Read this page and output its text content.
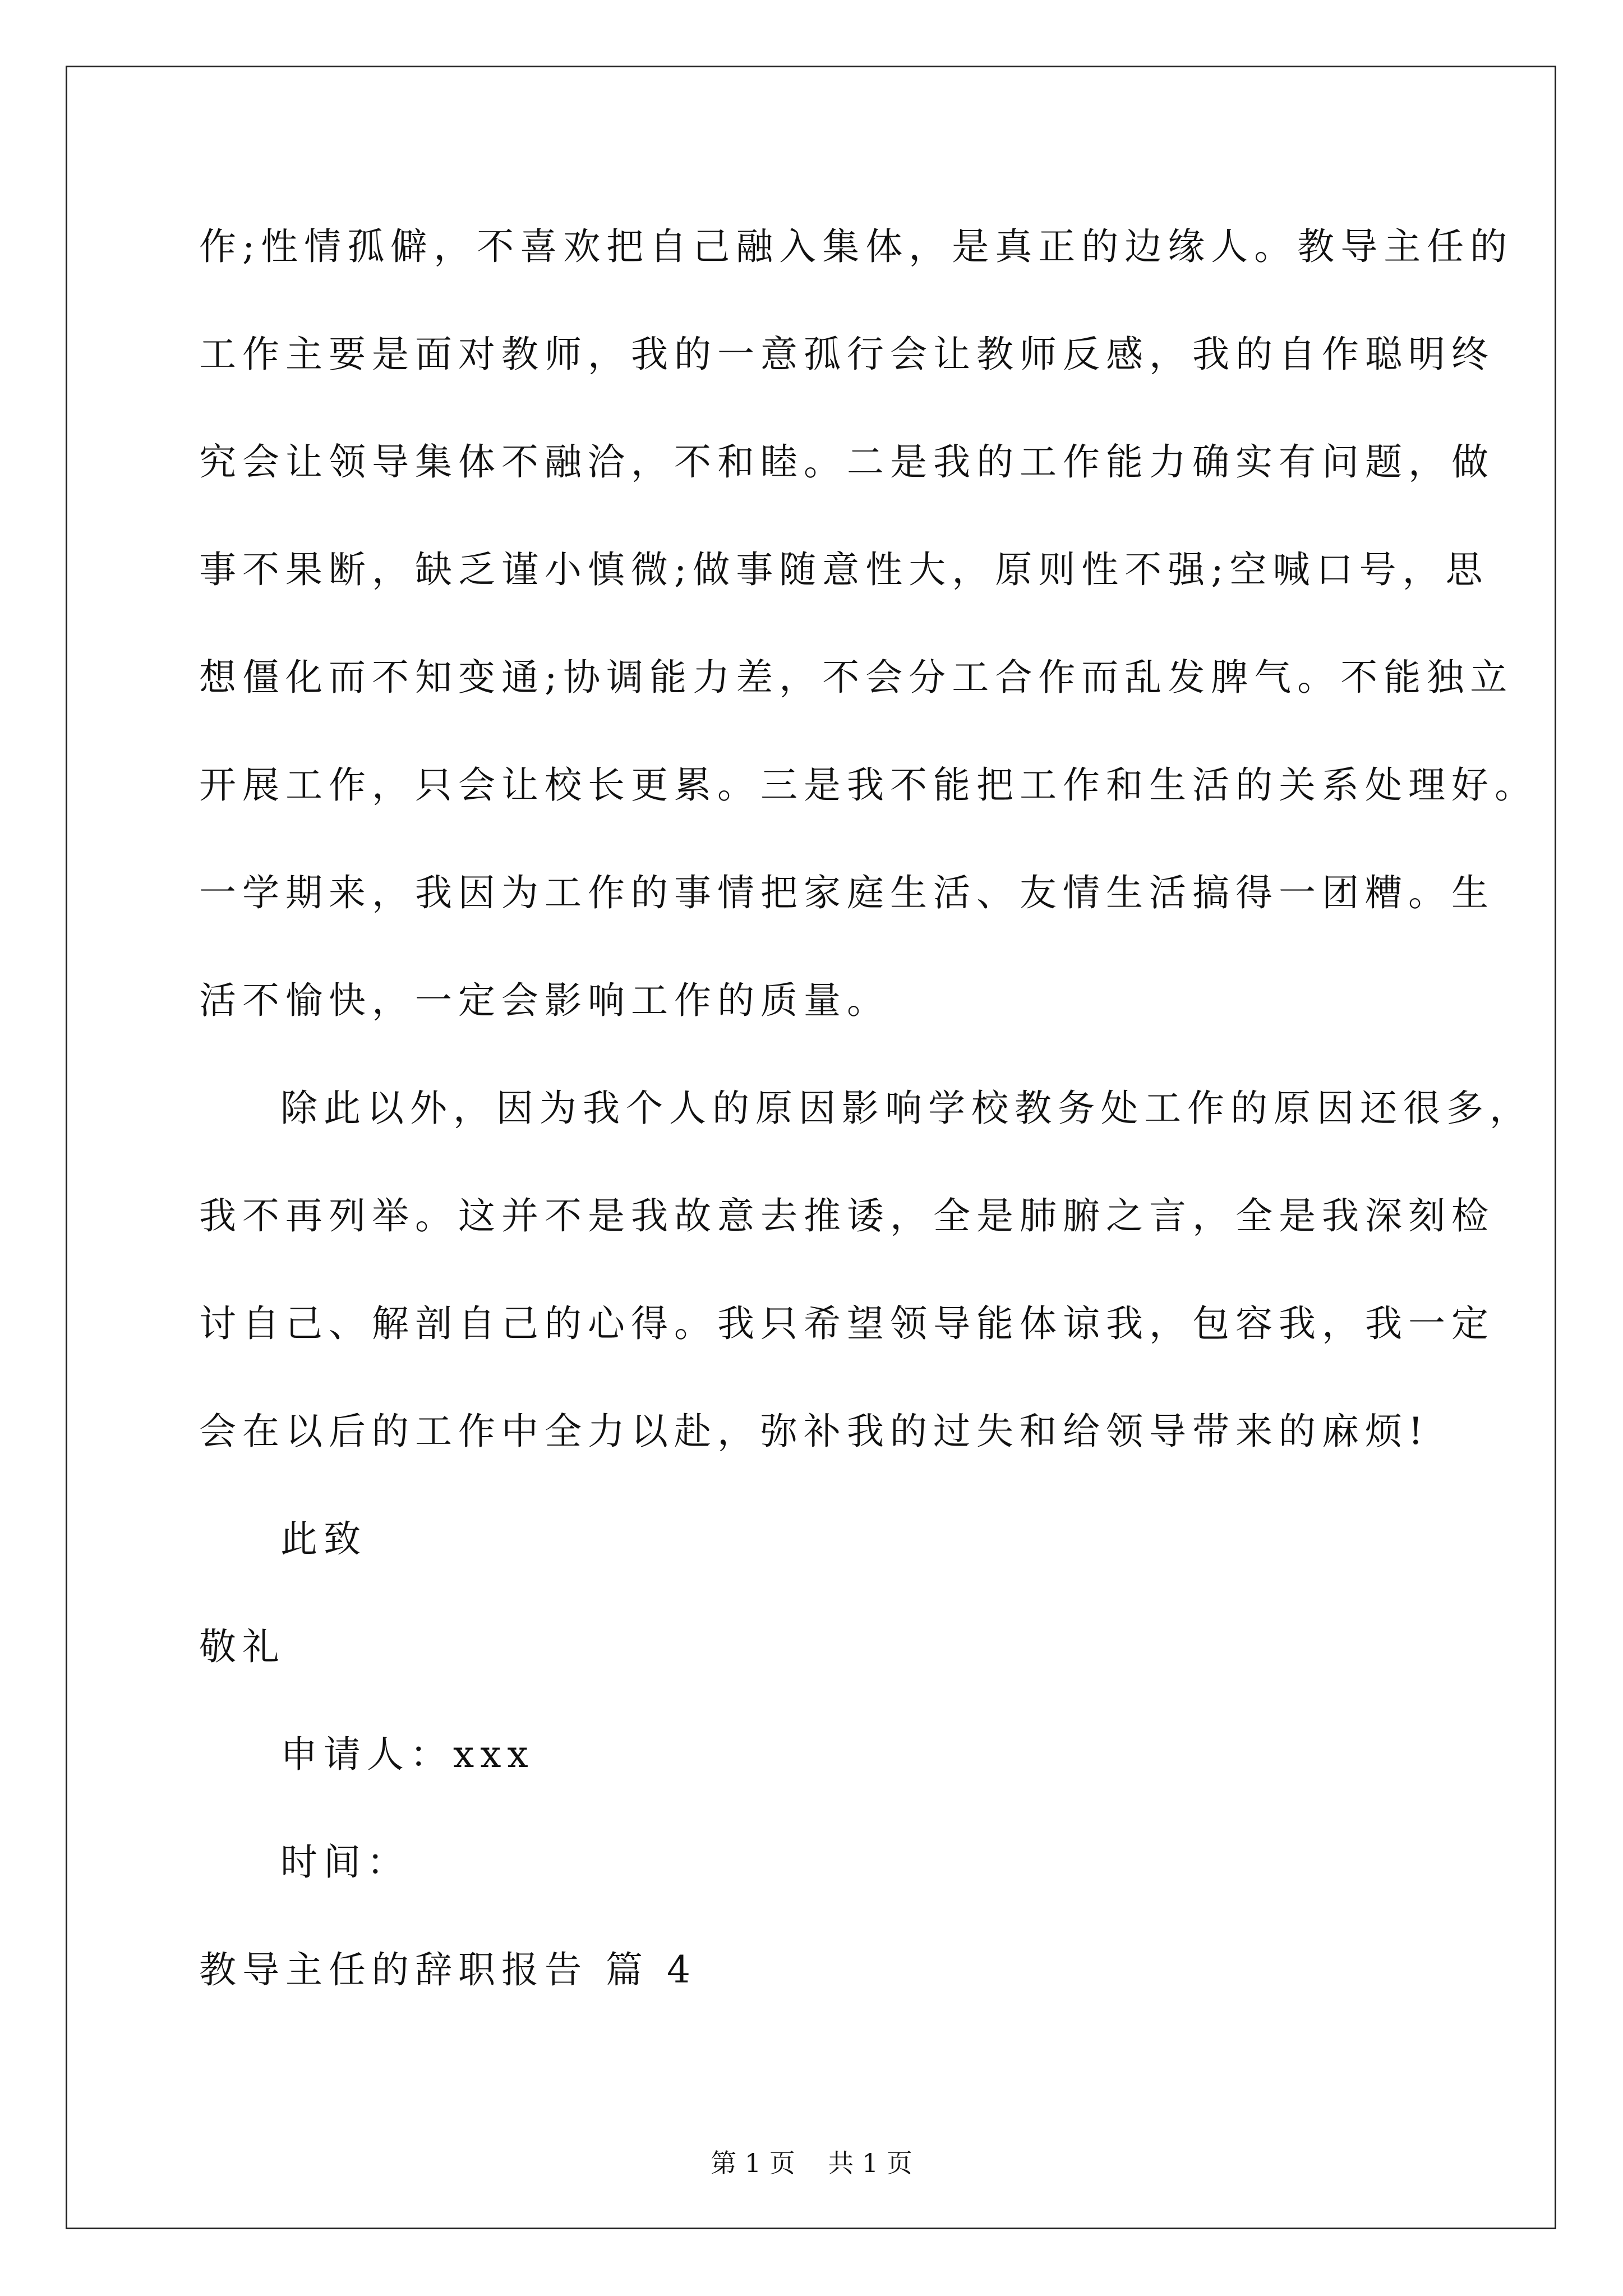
作;性情孤僻，不喜欢把自己融入集体，是真正的边缘人。教导主任的
工作主要是面对教师，我的一意孤行会让教师反感，我的自作聪明终
究会让领导集体不融洽，不和睦。二是我的工作能力确实有问题，做
事不果断，缺乏谨小慎微;做事随意性大，原则性不强;空喊口号，思
想僵化而不知变通;协调能力差，不会分工合作而乱发脾气。不能独立
开展工作，只会让校长更累。三是我不能把工作和生活的关系处理好。
一学期来，我因为工作的事情把家庭生活、友情生活搞得一团糟。生
活不愉快，一定会影响工作的质量。
除此以外，因为我个人的原因影响学校教务处工作的原因还很多，
我不再列举。这并不是我故意去推诿，全是肺腑之言，全是我深刻检
讨自己、解剖自己的心得。我只希望领导能体谅我，包容我，我一定
会在以后的工作中全力以赴，弥补我的过失和给领导带来的麻烦!
此致
敬礼
申请人：xxx
时间：
教导主任的辞职报告 篇 4
第 1 页    共 1 页
